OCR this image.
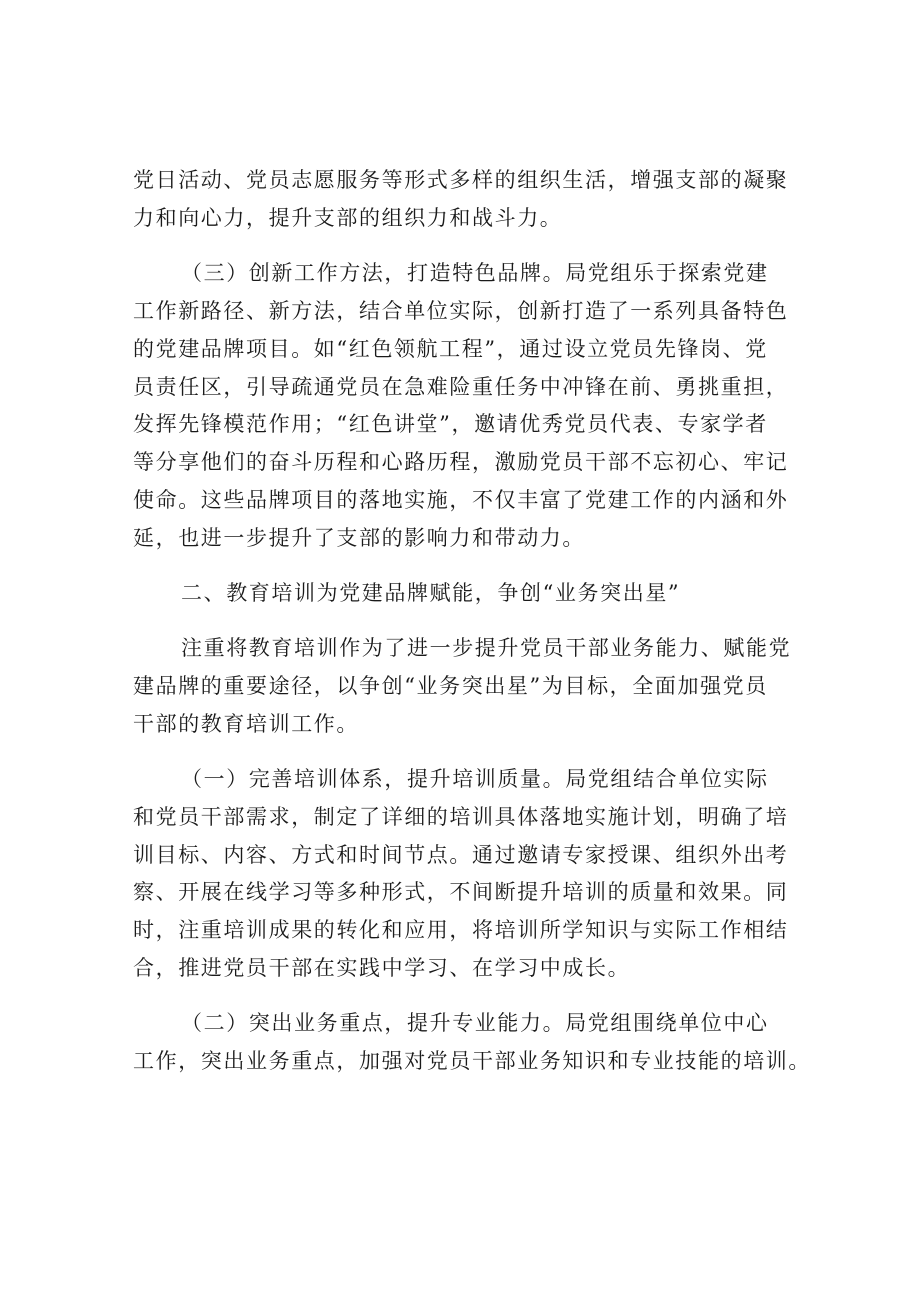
党日活动、党员志愿服务等形式多样的组织生活，增强支部的凝聚
力和向心力，提升支部的组织力和战斗力。

（三）创新工作方法，打造特色品牌。局党组乐于探索党建
工作新路径、新方法，结合单位实际，创新打造了一系列具备特色
的党建品牌项目。如“红色领航工程”，通过设立党员先锋岗、党
员责任区，引导疏通党员在急难险重任务中冲锋在前、勇挑重担，
发挥先锋模范作用；“红色讲堂”，邀请优秀党员代表、专家学者
等分享他们的奋斗历程和心路历程，激励党员干部不忘初心、牢记
使命。这些品牌项目的落地实施，不仅丰富了党建工作的内涵和外
延，也进一步提升了支部的影响力和带动力。

二、教育培训为党建品牌赋能，争创“业务突出星”

注重将教育培训作为了进一步提升党员干部业务能力、赋能党
建品牌的重要途径，以争创“业务突出星”为目标，全面加强党员
干部的教育培训工作。

（一）完善培训体系，提升培训质量。局党组结合单位实际
和党员干部需求，制定了详细的培训具体落地实施计划，明确了培
训目标、内容、方式和时间节点。通过邀请专家授课、组织外出考
察、开展在线学习等多种形式，不间断提升培训的质量和效果。同
时，注重培训成果的转化和应用，将培训所学知识与实际工作相结
合，推进党员干部在实践中学习、在学习中成长。

（二）突出业务重点，提升专业能力。局党组围绕单位中心
工作，突出业务重点，加强对党员干部业务知识和专业技能的培训。
